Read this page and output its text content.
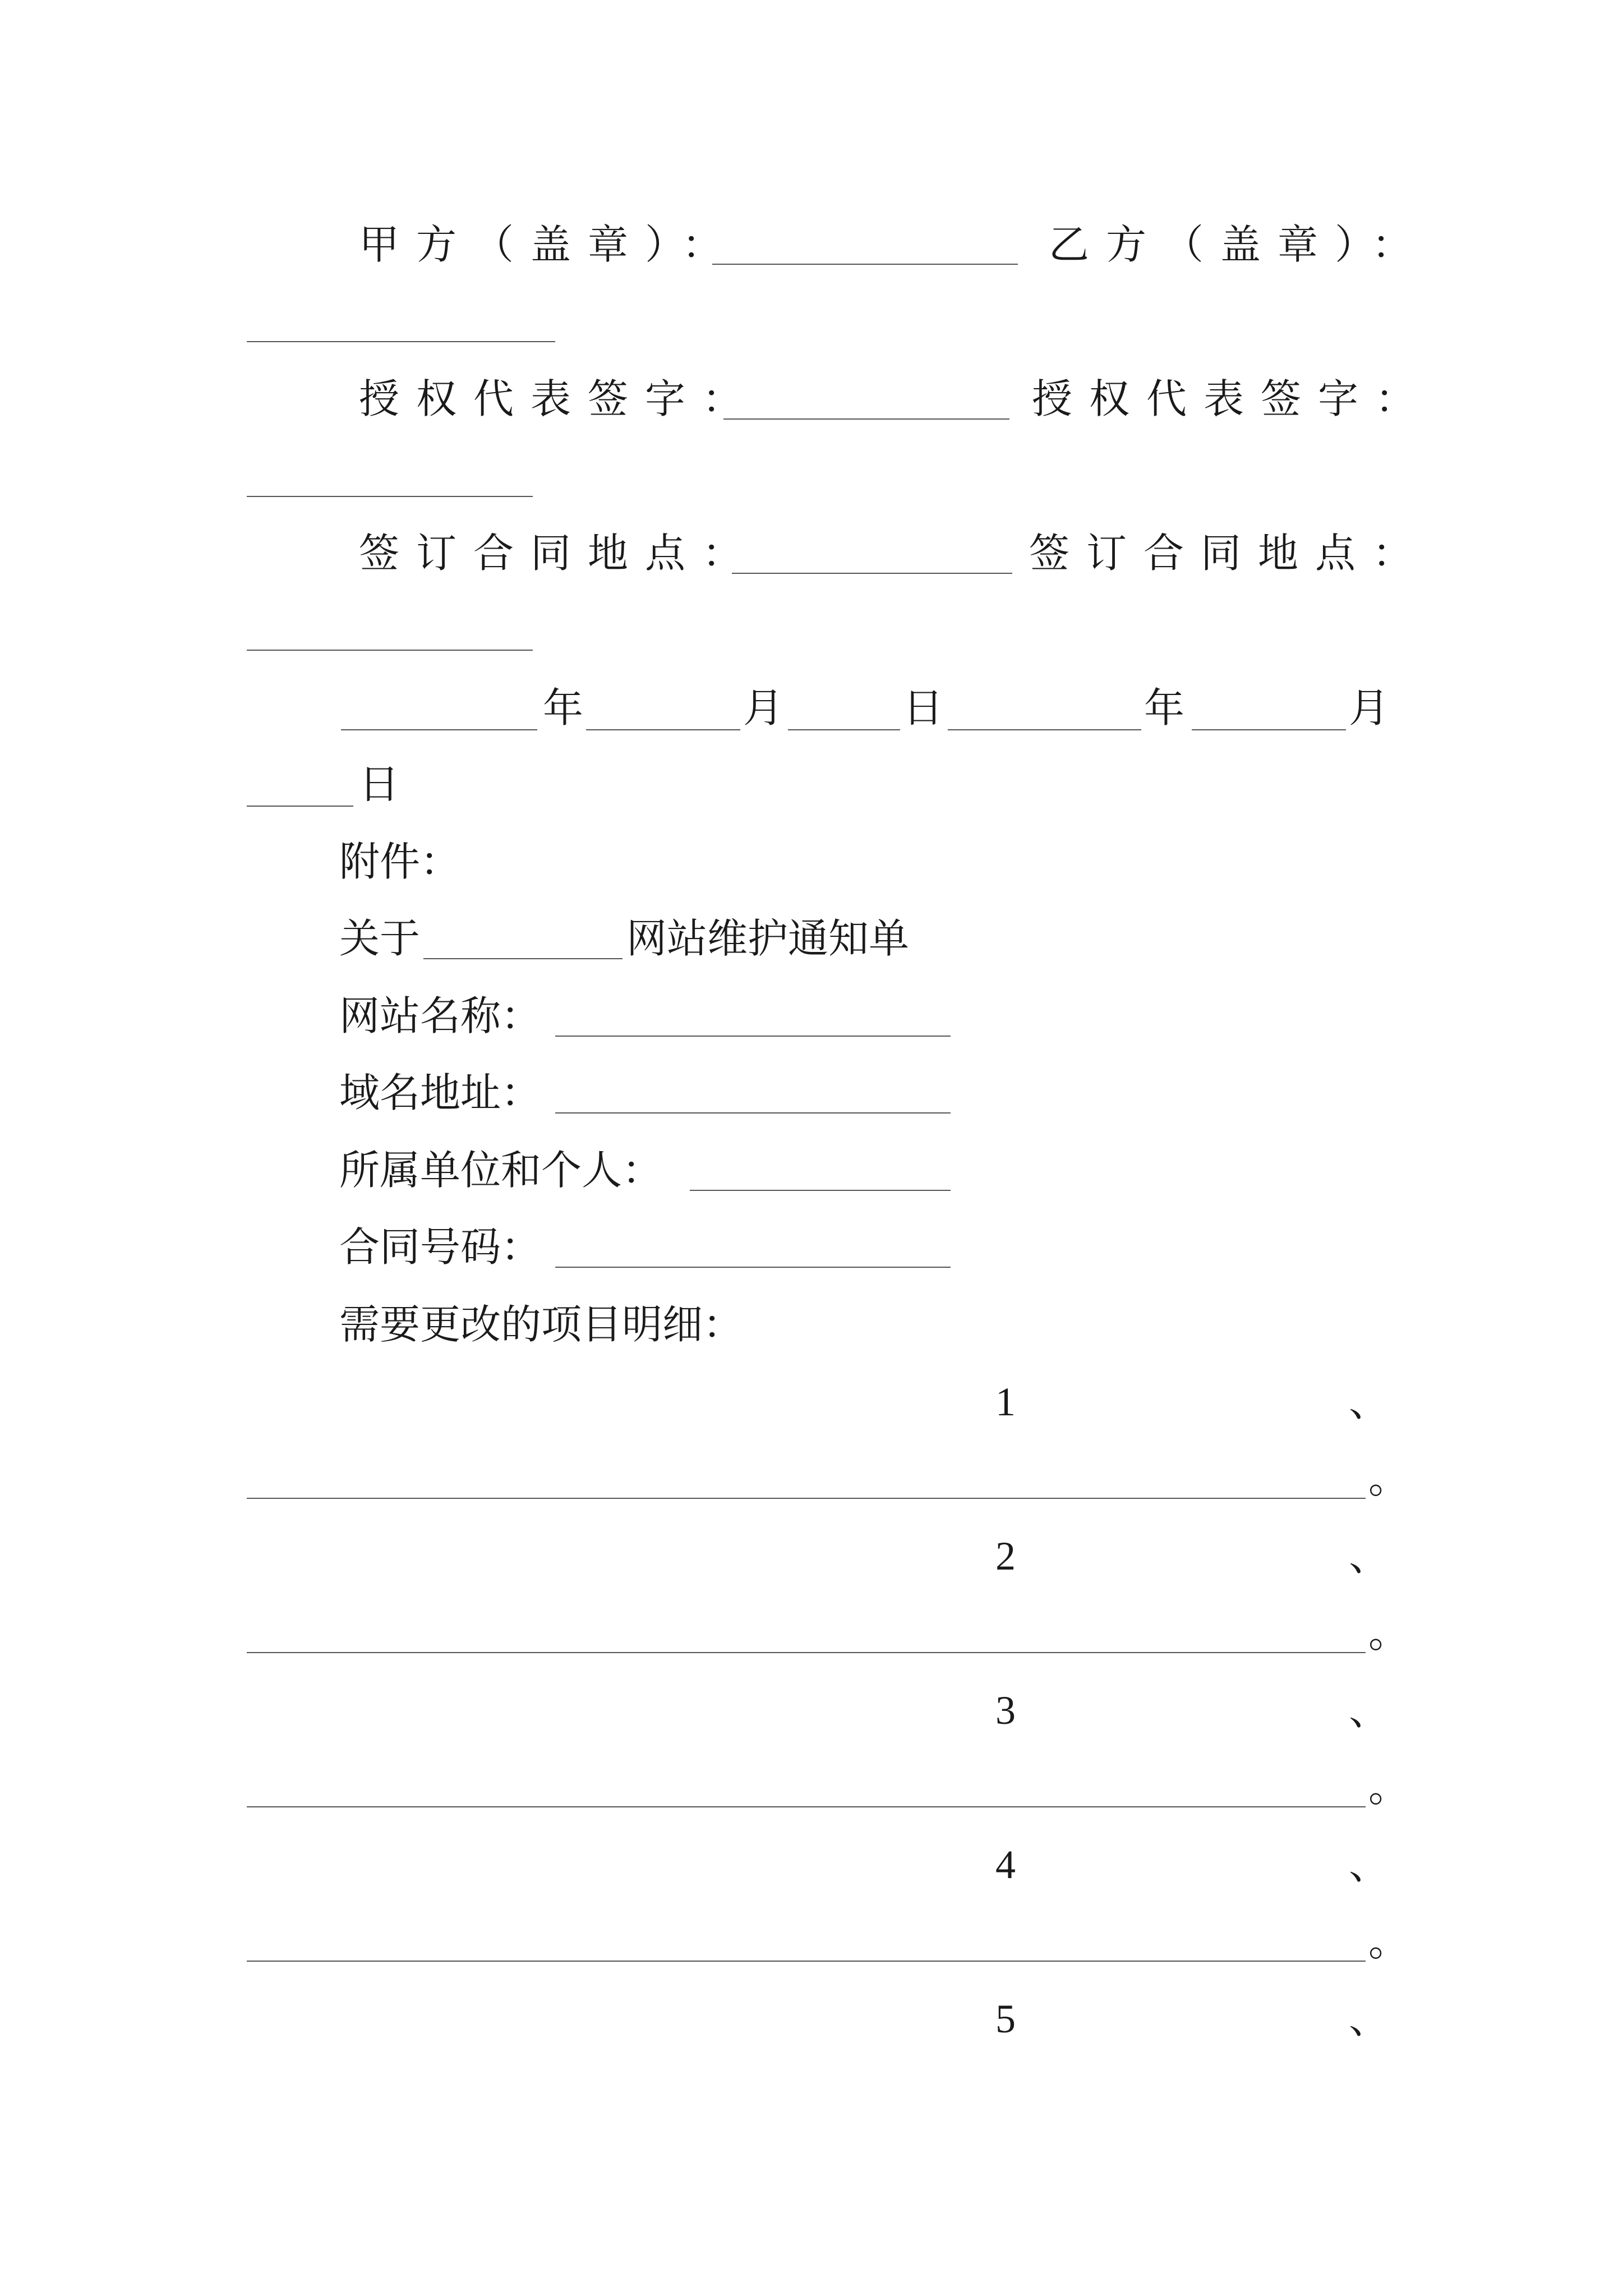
甲方（盖章）：	乙方（盖章）：
授权代表签字：	授权代表签字：
签订合同地点：	签订合同地点：
年	月	日	年	月
日
附件：
关于	网站维护通知单
网站名称：
域名地址：
所属单位和个人：
合同号码：
需要更改的项目明细：
1	、
。
2	、
。
3	、
。
4	、
。
5	、
